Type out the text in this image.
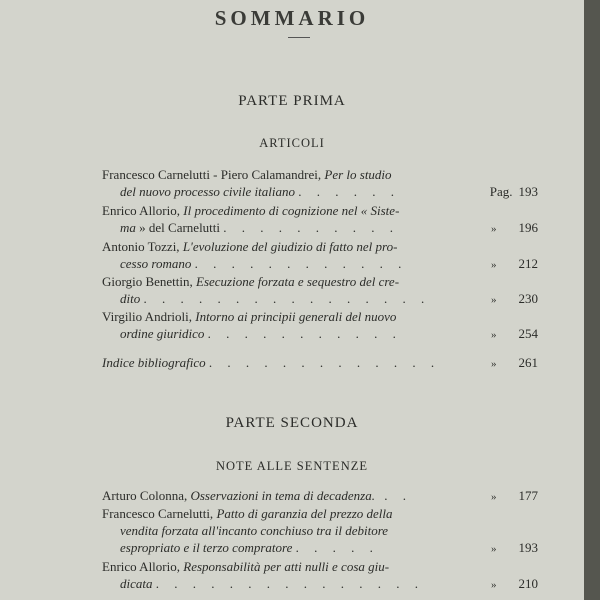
SOMMARIO
PARTE PRIMA
ARTICOLI
Francesco Carnelutti - Piero Calamandrei, Per lo studio
del nuovo processo civile italiano . . . . . .	Pag. 193
Enrico Allorio, Il procedimento di cognizione nel « Siste-
ma » del Carnelutti . . . . . . . . . .	» 196
Antonio Tozzi, L'evoluzione del giudizio di fatto nel pro-
cesso romano . . . . . . . . . . . .	» 212
Giorgio Benettin, Esecuzione forzata e sequestro del cre-
dito . . . . . . . . . . . . . . . .	» 230
Virgilio Andrioli, Intorno ai principii generali del nuovo
ordine giuridico . . . . . . . . . . .	» 254
Indice bibliografico . . . . . . . . . . . . .	» 261
PARTE SECONDA
NOTE ALLE SENTENZE
Arturo Colonna, Osservazioni in tema di decadenza. . .	» 177
Francesco Carnelutti, Patto di garanzia del prezzo della
vendita forzata all'incanto conchiuso tra il debitore
espropriato e il terzo compratore . . . . .	» 193
Enrico Allorio, Responsabilità per atti nulli e cosa giu-
dicata . . . . . . . . . . . . . . .	» 210
